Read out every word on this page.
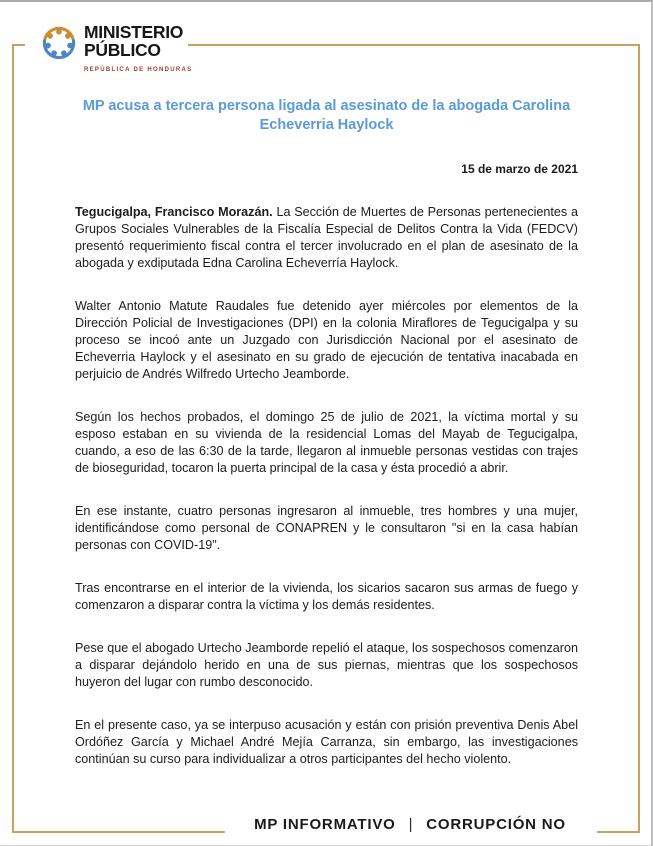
MINISTERIO
PÚBLICO
REPÚBLICA DE HONDURAS
MP acusa a tercera persona ligada al asesinato de la abogada Carolina
Echeverria Haylock
15 de marzo de 2021

Tegucigalpa, Francisco Morazán. La Sección de Muertes de Personas pertenecientes a Grupos Sociales Vulnerables de la Fiscalía Especial de Delitos Contra la Vida (FEDCV) presentó requerimiento fiscal contra el tercer involucrado en el plan de asesinato de la abogada y exdiputada Edna Carolina Echeverría Haylock.

Walter Antonio Matute Raudales fue detenido ayer miércoles por elementos de la Dirección Policial de Investigaciones (DPI) en la colonia Miraflores de Tegucigalpa y su proceso se incoó ante un Juzgado con Jurisdicción Nacional por el asesinato de Echeverria Haylock y el asesinato en su grado de ejecución de tentativa inacabada en perjuicio de Andrés Wilfredo Urtecho Jeamborde.

Según los hechos probados, el domingo 25 de julio de 2021, la víctima mortal y su esposo estaban en su vivienda de la residencial Lomas del Mayab de Tegucigalpa, cuando, a eso de las 6:30 de la tarde, llegaron al inmueble personas vestidas con trajes de bioseguridad, tocaron la puerta principal de la casa y ésta procedió a abrir.

En ese instante, cuatro personas ingresaron al inmueble, tres hombres y una mujer, identificándose como personal de CONAPREN y le consultaron "si en la casa habían personas con COVID-19".

Tras encontrarse en el interior de la vivienda, los sicarios sacaron sus armas de fuego y comenzaron a disparar contra la víctima y los demás residentes.

Pese que el abogado Urtecho Jeamborde repelió el ataque, los sospechosos comenzaron a disparar dejándolo herido en una de sus piernas, mientras que los sospechosos huyeron del lugar con rumbo desconocido.

En el presente caso, ya se interpuso acusación y están con prisión preventiva Denis Abel Ordóñez García y Michael André Mejía Carranza, sin embargo, las investigaciones continúan su curso para individualizar a otros participantes del hecho violento.

MP INFORMATIVO | CORRUPCIÓN NO
